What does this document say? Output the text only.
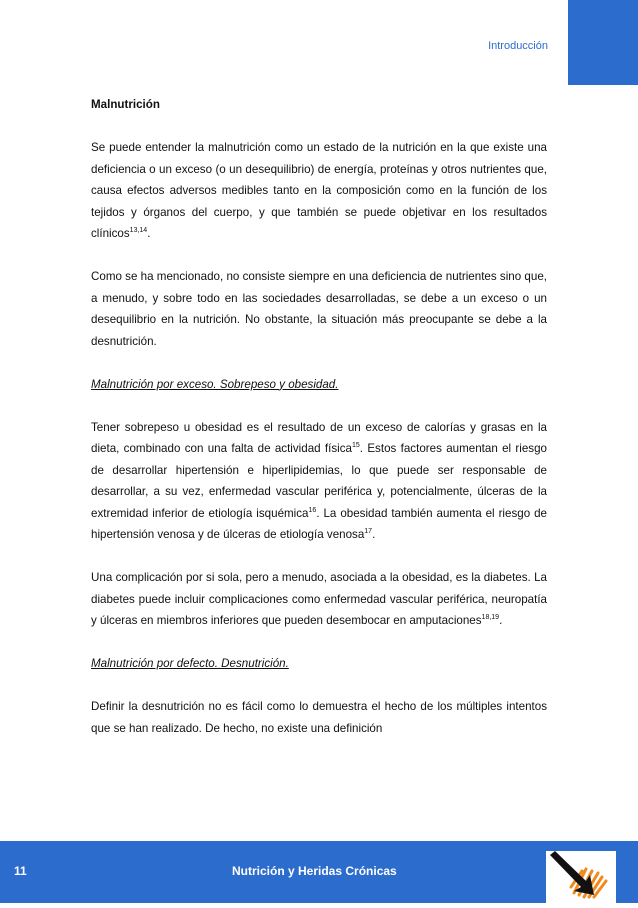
Introducción

Malnutrición

Se puede entender la malnutrición como un estado de la nutrición en la que existe una deficiencia o un exceso (o un desequilibrio) de energía, proteínas y otros nutrientes que, causa efectos adversos medibles tanto en la composición como en la función de los tejidos y órganos del cuerpo, y que también se puede objetivar en los resultados clínicos$^{13,14}$.

Como se ha mencionado, no consiste siempre en una deficiencia de nutrientes sino que, a menudo, y sobre todo en las sociedades desarrolladas, se debe a un exceso o un desequilibrio en la nutrición. No obstante, la situación más preocupante se debe a la desnutrición.

Malnutrición por exceso. Sobrepeso y obesidad.

Tener sobrepeso u obesidad es el resultado de un exceso de calorías y grasas en la dieta, combinado con una falta de actividad física$^{15}$. Estos factores aumentan el riesgo de desarrollar hipertensión e hiperlipidemias, lo que puede ser responsable de desarrollar, a su vez, enfermedad vascular periférica y, potencialmente, úlceras de la extremidad inferior de etiología isquémica$^{16}$. La obesidad también aumenta el riesgo de hipertensión venosa y de úlceras de etiología venosa$^{17}$.

Una complicación por si sola, pero a menudo, asociada a la obesidad, es la diabetes. La diabetes puede incluir complicaciones como enfermedad vascular periférica, neuropatía y úlceras en miembros inferiores que pueden desembocar en amputaciones$^{18,19}$.

Malnutrición por defecto. Desnutrición.

Definir la desnutrición no es fácil como lo demuestra el hecho de los múltiples intentos que se han realizado. De hecho, no existe una definición

11	Nutrición y Heridas Crónicas
